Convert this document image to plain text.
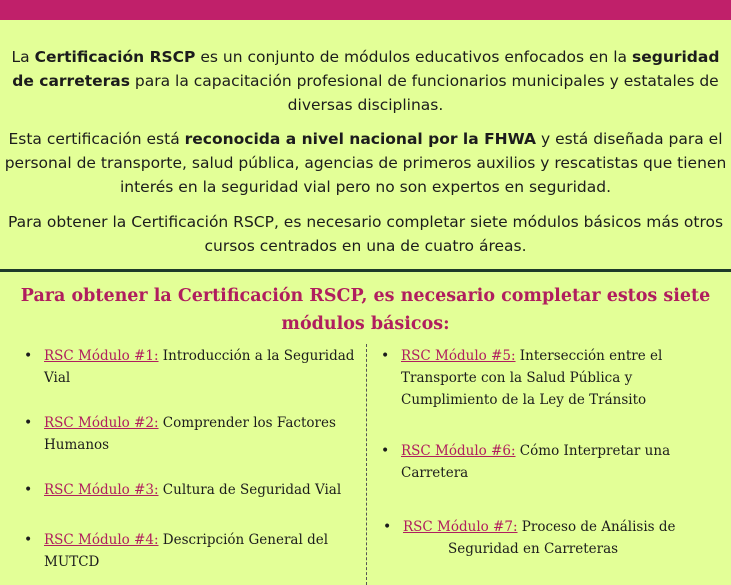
La Certificación RSCP es un conjunto de módulos educativos enfocados en la seguridad de carreteras para la capacitación profesional de funcionarios municipales y estatales de diversas disciplinas.

Esta certificación está reconocida a nivel nacional por la FHWA y está diseñada para el personal de transporte, salud pública, agencias de primeros auxilios y rescatistas que tienen interés en la seguridad vial pero no son expertos en seguridad.

Para obtener la Certificación RSCP, es necesario completar siete módulos básicos más otros cursos centrados en una de cuatro áreas.

Para obtener la Certificación RSCP, es necesario completar estos siete módulos básicos:
• RSC Módulo #1: Introducción a la Seguridad Vial
• RSC Módulo #2: Comprender los Factores Humanos
• RSC Módulo #3: Cultura de Seguridad Vial
• RSC Módulo #4: Descripción General del MUTCD
• RSC Módulo #5: Intersección entre el Transporte con la Salud Pública y Cumplimiento de la Ley de Tránsito
• RSC Módulo #6: Cómo Interpretar una Carretera
• RSC Módulo #7: Proceso de Análisis de
Seguridad en Carreteras
